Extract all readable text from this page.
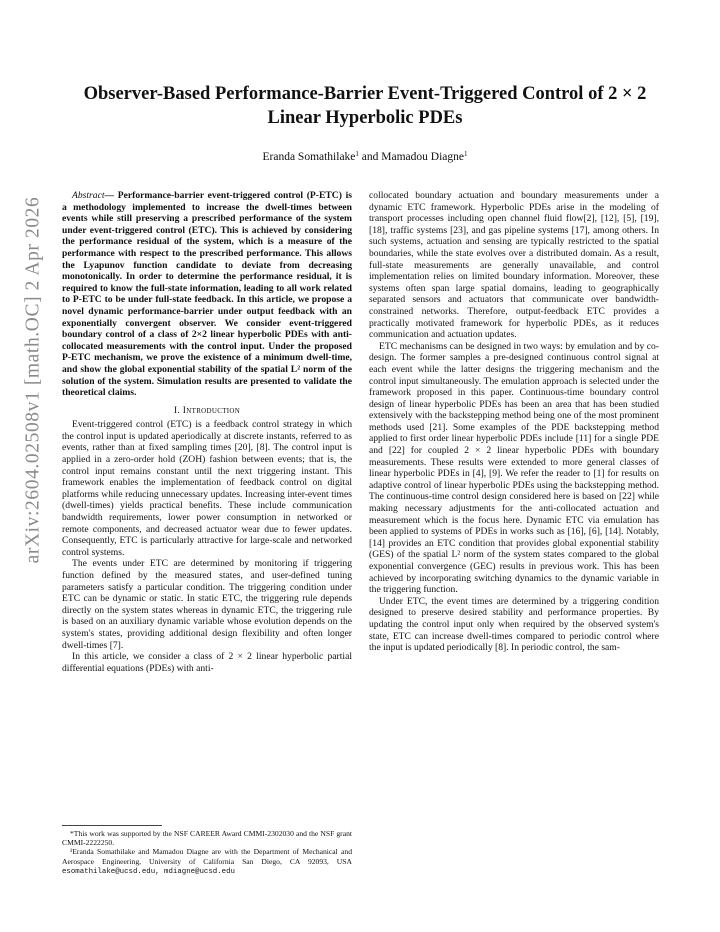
arXiv:2604.02508v1 [math.OC] 2 Apr 2026
Observer-Based Performance-Barrier Event-Triggered Control of 2 × 2 Linear Hyperbolic PDEs
Eranda Somathilake$^1$ and Mamadou Diagne$^1$

Abstract— Performance-barrier event-triggered control (P-ETC) is a methodology implemented to increase the dwell-times between events while still preserving a prescribed performance of the system under event-triggered control (ETC). This is achieved by considering the performance residual of the system, which is a measure of the performance with respect to the prescribed performance. This allows the Lyapunov function candidate to deviate from decreasing monotonically. In order to determine the performance residual, it is required to know the full-state information, leading to all work related to P-ETC to be under full-state feedback. In this article, we propose a novel dynamic performance-barrier under output feedback with an exponentially convergent observer. We consider event-triggered boundary control of a class of 2×2 linear hyperbolic PDEs with anti-collocated measurements with the control input. Under the proposed P-ETC mechanism, we prove the existence of a minimum dwell-time, and show the global exponential stability of the spatial L² norm of the solution of the system. Simulation results are presented to validate the theoretical claims.

I. Introduction

Event-triggered control (ETC) is a feedback control strategy in which the control input is updated aperiodically at discrete instants, referred to as events, rather than at fixed sampling times [20], [8]. The control input is applied in a zero-order hold (ZOH) fashion between events; that is, the control input remains constant until the next triggering instant. This framework enables the implementation of feedback control on digital platforms while reducing unnecessary updates. Increasing inter-event times (dwell-times) yields practical benefits. These include communication bandwidth requirements, lower power consumption in networked or remote components, and decreased actuator wear due to fewer updates. Consequently, ETC is particularly attractive for large-scale and networked control systems.

The events under ETC are determined by monitoring if triggering function defined by the measured states, and user-defined tuning parameters satisfy a particular condition. The triggering condition under ETC can be dynamic or static. In static ETC, the triggering rule depends directly on the system states whereas in dynamic ETC, the triggering rule is based on an auxiliary dynamic variable whose evolution depends on the system's states, providing additional design flexibility and often longer dwell-times [7].

In this article, we consider a class of 2 × 2 linear hyperbolic partial differential equations (PDEs) with anti-

*This work was supported by the NSF CAREER Award CMMI-2302030 and the NSF grant CMMI-2222250.

¹Eranda Somathilake and Mamadou Diagne are with the Department of Mechanical and Aerospace Engineering, University of California San Diego, CA 92093, USA esomathilake@ucsd.edu, mdiagne@ucsd.edu

collocated boundary actuation and boundary measurements under a dynamic ETC framework. Hyperbolic PDEs arise in the modeling of transport processes including open channel fluid flow[2], [12], [5], [19], [18], traffic systems [23], and gas pipeline systems [17], among others. In such systems, actuation and sensing are typically restricted to the spatial boundaries, while the state evolves over a distributed domain. As a result, full-state measurements are generally unavailable, and control implementation relies on limited boundary information. Moreover, these systems often span large spatial domains, leading to geographically separated sensors and actuators that communicate over bandwidth-constrained networks. Therefore, output-feedback ETC provides a practically motivated framework for hyperbolic PDEs, as it reduces communication and actuation updates.

ETC mechanisms can be designed in two ways: by emulation and by co-design. The former samples a pre-designed continuous control signal at each event while the latter designs the triggering mechanism and the control input simultaneously. The emulation approach is selected under the framework proposed in this paper. Continuous-time boundary control design of linear hyperbolic PDEs has been an area that has been studied extensively with the backstepping method being one of the most prominent methods used [21]. Some examples of the PDE backstepping method applied to first order linear hyperbolic PDEs include [11] for a single PDE and [22] for coupled 2 × 2 linear hyperbolic PDEs with boundary measurements. These results were extended to more general classes of linear hyperbolic PDEs in [4], [9]. We refer the reader to [1] for results on adaptive control of linear hyperbolic PDEs using the backstepping method. The continuous-time control design considered here is based on [22] while making necessary adjustments for the anti-collocated actuation and measurement which is the focus here. Dynamic ETC via emulation has been applied to systems of PDEs in works such as [16], [6], [14]. Notably, [14] provides an ETC condition that provides global exponential stability (GES) of the spatial L² norm of the system states compared to the global exponential convergence (GEC) results in previous work. This has been achieved by incorporating switching dynamics to the dynamic variable in the triggering function.

Under ETC, the event times are determined by a triggering condition designed to preserve desired stability and performance properties. By updating the control input only when required by the observed system's state, ETC can increase dwell-times compared to periodic control where the input is updated periodically [8]. In periodic control, the sam-
